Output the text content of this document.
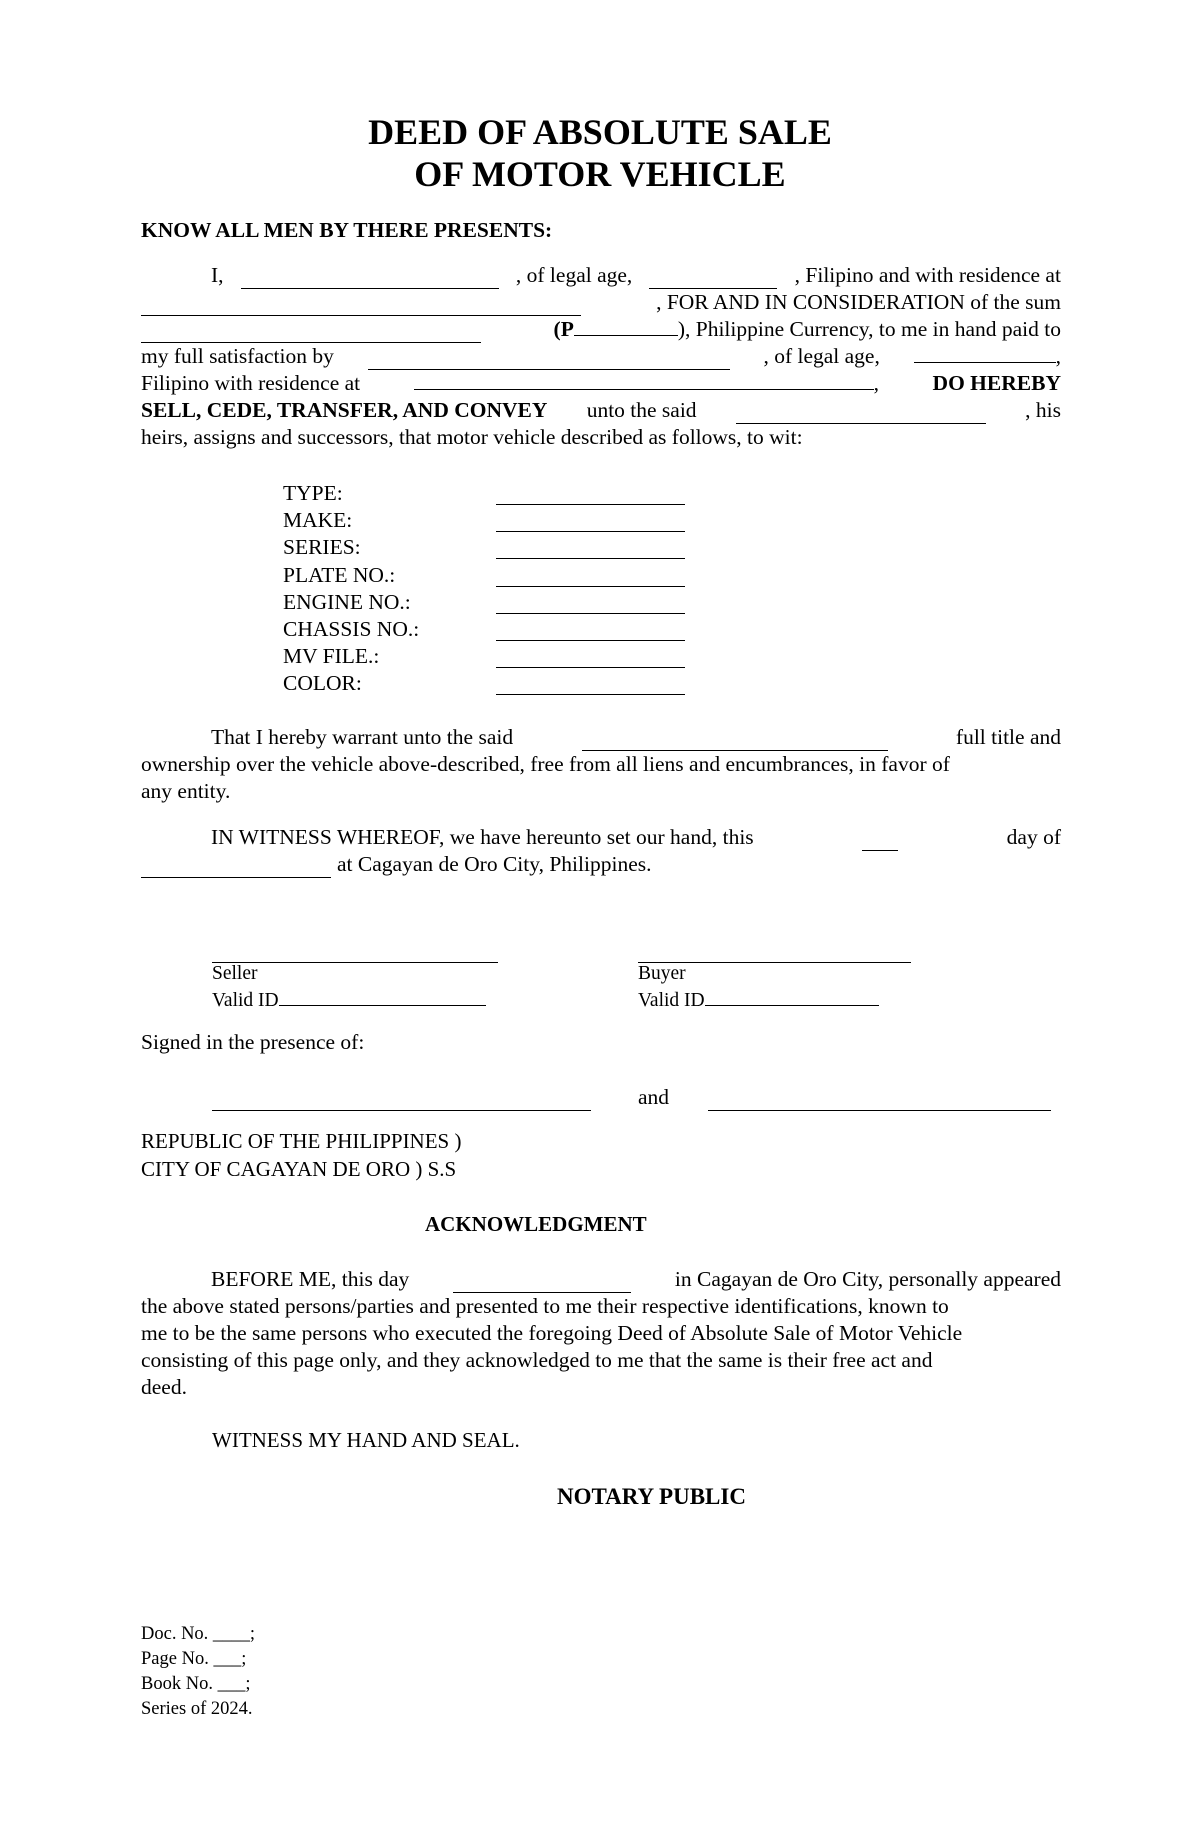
DEED OF ABSOLUTE SALE
OF MOTOR VEHICLE
KNOW ALL MEN BY THERE PRESENTS:
I,	, of legal age,	, Filipino and with residence at
, FOR AND IN CONSIDERATION of the sum
(P	), Philippine Currency, to me in hand paid to
my full satisfaction by	, of legal age,	,
Filipino with residence at	, DO HEREBY
SELL, CEDE, TRANSFER, AND CONVEY unto the said	, his
heirs, assigns and successors, that motor vehicle described as follows, to wit:
TYPE:
MAKE:
SERIES:
PLATE NO.:
ENGINE NO.:
CHASSIS NO.:
MV FILE.:
COLOR:
That I hereby warrant unto the said	full title and
ownership over the vehicle above-described, free from all liens and encumbrances, in favor of
any entity.
IN WITNESS WHEREOF, we have hereunto set our hand, this	day of
at Cagayan de Oro City, Philippines.
Seller
Valid ID
Buyer
Valid ID
Signed in the presence of:
and
REPUBLIC OF THE PHILIPPINES )
CITY OF CAGAYAN DE ORO ) S.S
ACKNOWLEDGMENT
BEFORE ME, this day	in Cagayan de Oro City, personally appeared
the above stated persons/parties and presented to me their respective identifications, known to
me to be the same persons who executed the foregoing Deed of Absolute Sale of Motor Vehicle
consisting of this page only, and they acknowledged to me that the same is their free act and
deed.
WITNESS MY HAND AND SEAL.
NOTARY PUBLIC
Doc. No. ____;
Page No. ___;
Book No. ___;
Series of 2024.
